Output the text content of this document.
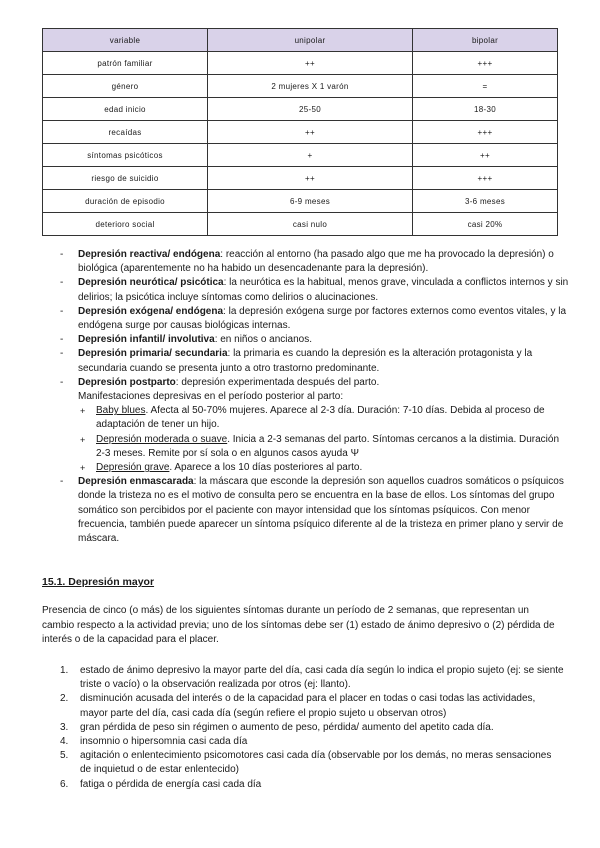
variable	unipolar	bipolar
patrón familiar	++	+++
género	2 mujeres X 1 varón	=
edad inicio	25-50	18-30
recaídas	++	+++
síntomas psicóticos	+	++
riesgo de suicidio	++	+++
duración de episodio	6-9 meses	3-6 meses
deterioro social	casi nulo	casi 20%
- Depresión reactiva/ endógena: reacción al entorno (ha pasado algo que me ha provocado la depresión) o biológica (aparentemente no ha habido un desencadenante para la depresión).
- Depresión neurótica/ psicótica: la neurótica es la habitual, menos grave, vinculada a conflictos internos y sin delirios; la psicótica incluye síntomas como delirios o alucinaciones.
- Depresión exógena/ endógena: la depresión exógena surge por factores externos como eventos vitales, y la endógena surge por causas biológicas internas.
- Depresión infantil/ involutiva: en niños o ancianos.
- Depresión primaria/ secundaria: la primaria es cuando la depresión es la alteración protagonista y la secundaria cuando se presenta junto a otro trastorno predominante.
- Depresión postparto: depresión experimentada después del parto.
Manifestaciones depresivas en el período posterior al parto:
+ Baby blues. Afecta al 50-70% mujeres. Aparece al 2-3 día. Duración: 7-10 días. Debida al proceso de adaptación de tener un hijo.
+ Depresión moderada o suave. Inicia a 2-3 semanas del parto. Síntomas cercanos a la distimia. Duración 2-3 meses. Remite por sí sola o en algunos casos ayuda Ψ
+ Depresión grave. Aparece a los 10 días posteriores al parto.
- Depresión enmascarada: la máscara que esconde la depresión son aquellos cuadros somáticos o psíquicos donde la tristeza no es el motivo de consulta pero se encuentra en la base de ellos. Los síntomas del grupo somático son percibidos por el paciente con mayor intensidad que los síntomas psíquicos. Con menor frecuencia, también puede aparecer un síntoma psíquico diferente al de la tristeza en primer plano y servir de máscara.
15.1. Depresión mayor
Presencia de cinco (o más) de los siguientes síntomas durante un período de 2 semanas, que representan un cambio respecto a la actividad previa; uno de los síntomas debe ser (1) estado de ánimo depresivo o (2) pérdida de interés o de la capacidad para el placer.
1. estado de ánimo depresivo la mayor parte del día, casi cada día según lo indica el propio sujeto (ej: se siente triste o vacío) o la observación realizada por otros (ej: llanto).
2. disminución acusada del interés o de la capacidad para el placer en todas o casi todas las actividades, mayor parte del día, casi cada día (según refiere el propio sujeto u observan otros)
3. gran pérdida de peso sin régimen o aumento de peso, pérdida/ aumento del apetito cada día.
4. insomnio o hipersomnia casi cada día
5. agitación o enlentecimiento psicomotores casi cada día (observable por los demás, no meras sensaciones de inquietud o de estar enlentecido)
6. fatiga o pérdida de energía casi cada día
